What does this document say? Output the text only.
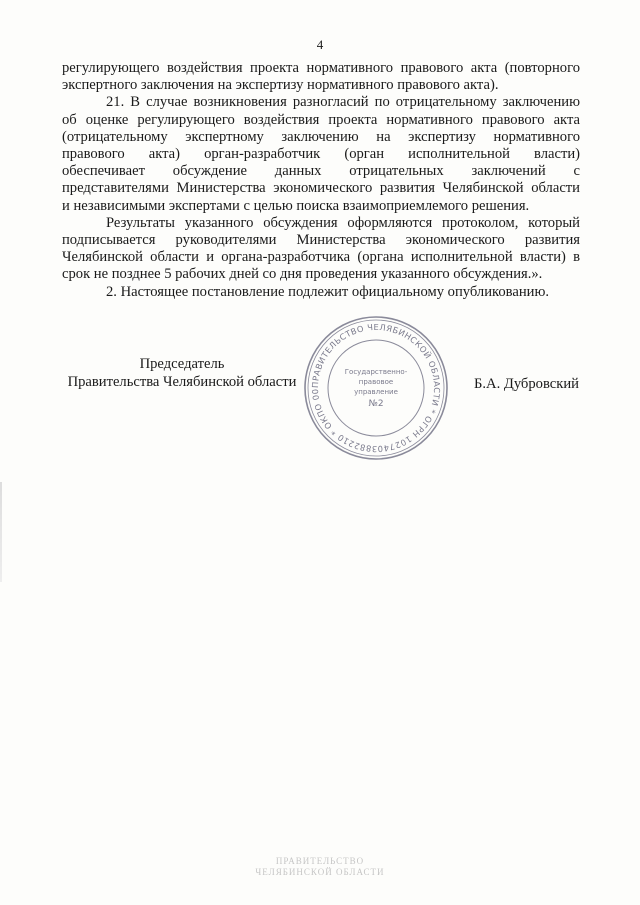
4

регулирующего воздействия проекта нормативного правового акта (повторного
экспертного заключения на экспертизу нормативного правового акта).

21. В случае возникновения разногласий по отрицательному заключению
об оценке регулирующего воздействия проекта нормативного правового акта
(отрицательному экспертному заключению на экспертизу нормативного
правового акта) орган-разработчик (орган исполнительной власти)
обеспечивает обсуждение данных отрицательных заключений с
представителями Министерства экономического развития Челябинской области
и независимыми экспертами с целью поиска взаимоприемлемого решения.

Результаты указанного обсуждения оформляются протоколом, который
подписывается руководителями Министерства экономического развития
Челябинской области и органа-разработчика (органа исполнительной власти) в
срок не позднее 5 рабочих дней со дня проведения указанного обсуждения.».

2. Настоящее постановление подлежит официальному опубликованию.

Председатель
Правительства Челябинской области	ПРАВИТЕЛЬСТВО ЧЕЛЯБИНСКОЙ ОБЛАСТИ * ОГРН 1027403882210 * ОКПО 00
Государственно-
правовое
управление
№2
Б.А. Дубровский
ПРАВИТЕЛЬСТВО
ЧЕЛЯБИНСКОЙ ОБЛАСТИ
